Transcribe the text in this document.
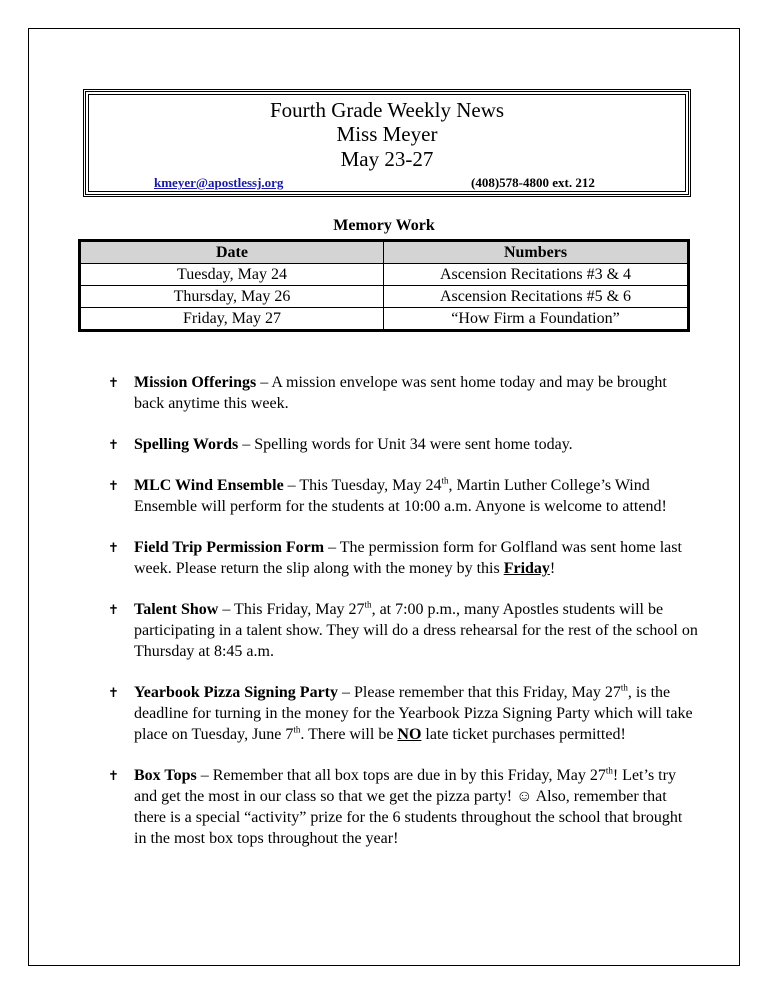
Fourth Grade Weekly News
Miss Meyer
May 23-27
kmeyer@apostlessj.org	(408)578-4800 ext. 212
Memory Work
Date	Numbers
Tuesday, May 24	Ascension Recitations #3 & 4
Thursday, May 26	Ascension Recitations #5 & 6
Friday, May 27	“How Firm a Foundation”
✝ Mission Offerings – A mission envelope was sent home today and may be brought back anytime this week.
✝ Spelling Words – Spelling words for Unit 34 were sent home today.
✝ MLC Wind Ensemble – This Tuesday, May 24th, Martin Luther College’s Wind Ensemble will perform for the students at 10:00 a.m. Anyone is welcome to attend!
✝ Field Trip Permission Form – The permission form for Golfland was sent home last week. Please return the slip along with the money by this Friday!
✝ Talent Show – This Friday, May 27th, at 7:00 p.m., many Apostles students will be participating in a talent show. They will do a dress rehearsal for the rest of the school on Thursday at 8:45 a.m.
✝ Yearbook Pizza Signing Party – Please remember that this Friday, May 27th, is the deadline for turning in the money for the Yearbook Pizza Signing Party which will take place on Tuesday, June 7th. There will be NO late ticket purchases permitted!
✝ Box Tops – Remember that all box tops are due in by this Friday, May 27th! Let’s try and get the most in our class so that we get the pizza party! ☺ Also, remember that there is a special “activity” prize for the 6 students throughout the school that brought in the most box tops throughout the year!
